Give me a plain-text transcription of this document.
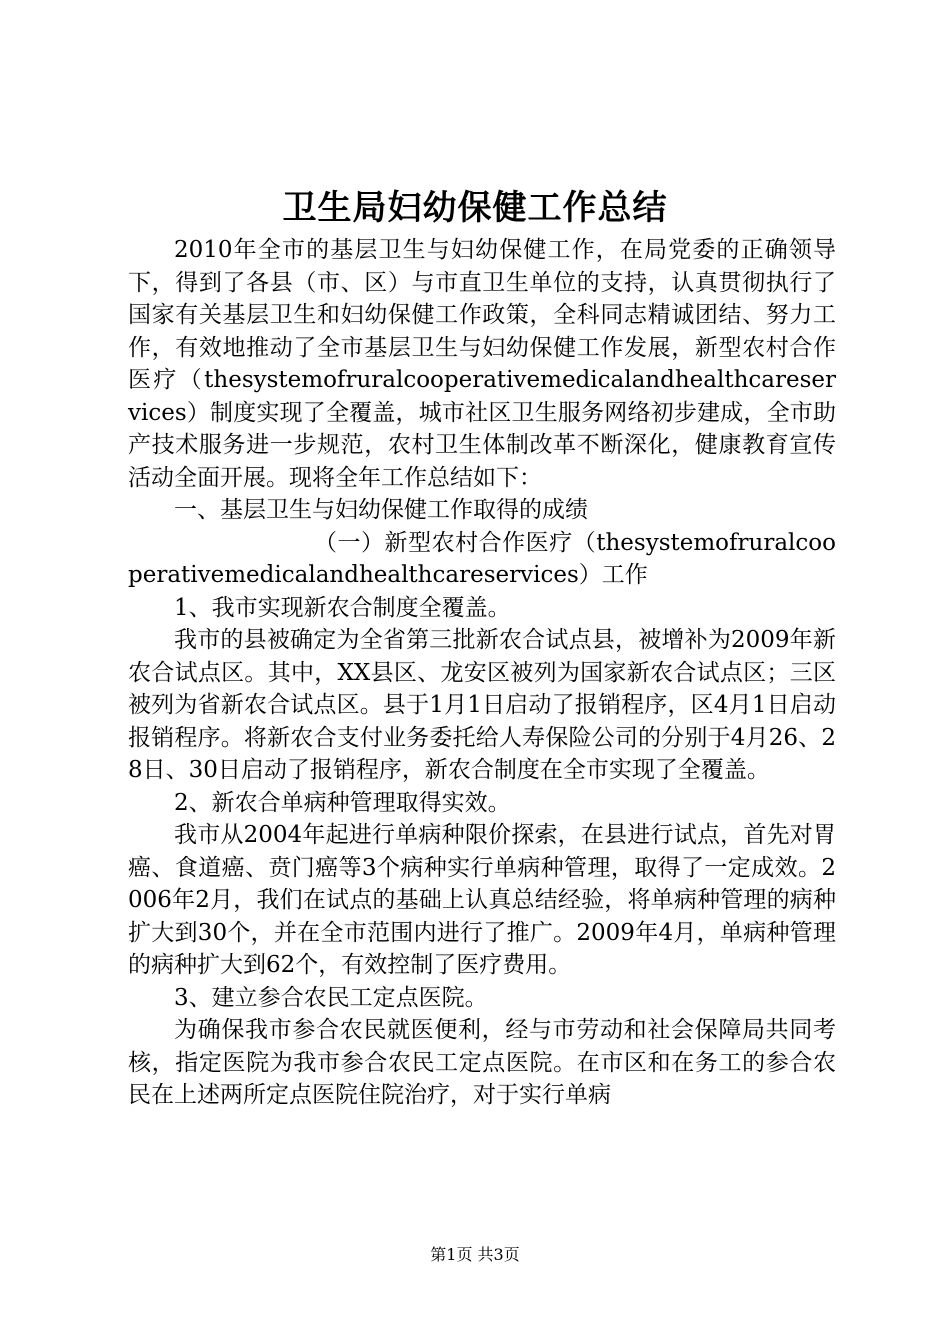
卫生局妇幼保健工作总结

2010年全市的基层卫生与妇幼保健工作，在局党委的正确领导下，得到了各县（市、区）与市直卫生单位的支持，认真贯彻执行了国家有关基层卫生和妇幼保健工作政策，全科同志精诚团结、努力工作，有效地推动了全市基层卫生与妇幼保健工作发展，新型农村合作医疗（thesystemofruralcooperativemedicalandhealthcareservices）制度实现了全覆盖，城市社区卫生服务网络初步建成，全市助产技术服务进一步规范，农村卫生体制改革不断深化，健康教育宣传活动全面开展。现将全年工作总结如下：

一、基层卫生与妇幼保健工作取得的成绩

（一）新型农村合作医疗（thesystemofruralcooperativemedicalandhealthcareservices）工作

1、我市实现新农合制度全覆盖。

我市的县被确定为全省第三批新农合试点县，被增补为2009年新农合试点区。其中，XX县区、龙安区被列为国家新农合试点区；三区被列为省新农合试点区。县于1月1日启动了报销程序，区4月1日启动报销程序。将新农合支付业务委托给人寿保险公司的分别于4月26、28日、30日启动了报销程序，新农合制度在全市实现了全覆盖。

2、新农合单病种管理取得实效。

我市从2004年起进行单病种限价探索，在县进行试点，首先对胃癌、食道癌、贲门癌等3个病种实行单病种管理，取得了一定成效。2006年2月，我们在试点的基础上认真总结经验，将单病种管理的病种扩大到30个，并在全市范围内进行了推广。2009年4月，单病种管理的病种扩大到62个，有效控制了医疗费用。

3、建立参合农民工定点医院。

为确保我市参合农民就医便利，经与市劳动和社会保障局共同考核，指定医院为我市参合农民工定点医院。在市区和在务工的参合农民在上述两所定点医院住院治疗，对于实行单病

第1页 共3页
